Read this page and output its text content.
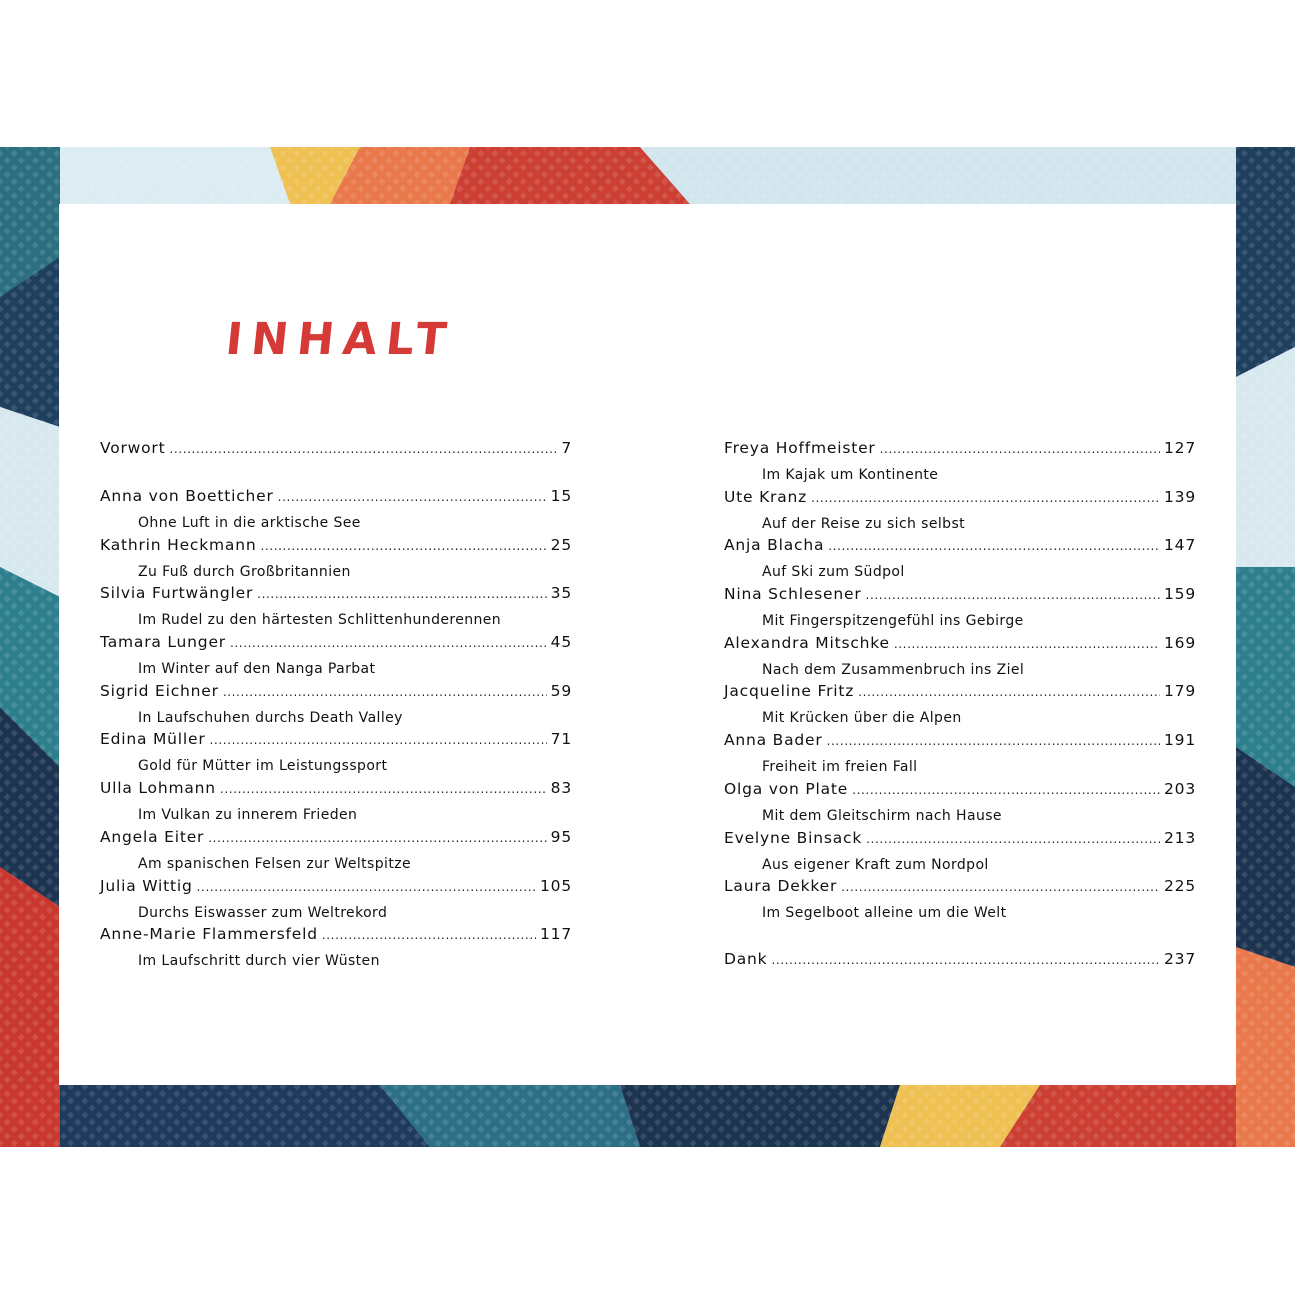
INHALT
Vorwort .....	7
Anna von Boetticher .....	15
Ohne Luft in die arktische See
Kathrin Heckmann .....	25
Zu Fuß durch Großbritannien
Silvia Furtwängler .....	35
Im Rudel zu den härtesten Schlittenhunderennen
Tamara Lunger .....	45
Im Winter auf den Nanga Parbat
Sigrid Eichner .....	59
In Laufschuhen durchs Death Valley
Edina Müller .....	71
Gold für Mütter im Leistungssport
Ulla Lohmann .....	83
Im Vulkan zu innerem Frieden
Angela Eiter .....	95
Am spanischen Felsen zur Weltspitze
Julia Wittig .....	105
Durchs Eiswasser zum Weltrekord
Anne-Marie Flammersfeld .....	117
Im Laufschritt durch vier Wüsten
Freya Hoffmeister .....	127
Im Kajak um Kontinente
Ute Kranz .....	139
Auf der Reise zu sich selbst
Anja Blacha .....	147
Auf Ski zum Südpol
Nina Schlesener .....	159
Mit Fingerspitzengefühl ins Gebirge
Alexandra Mitschke .....	169
Nach dem Zusammenbruch ins Ziel
Jacqueline Fritz .....	179
Mit Krücken über die Alpen
Anna Bader .....	191
Freiheit im freien Fall
Olga von Plate .....	203
Mit dem Gleitschirm nach Hause
Evelyne Binsack .....	213
Aus eigener Kraft zum Nordpol
Laura Dekker .....	225
Im Segelboot alleine um die Welt
Dank .....	237
